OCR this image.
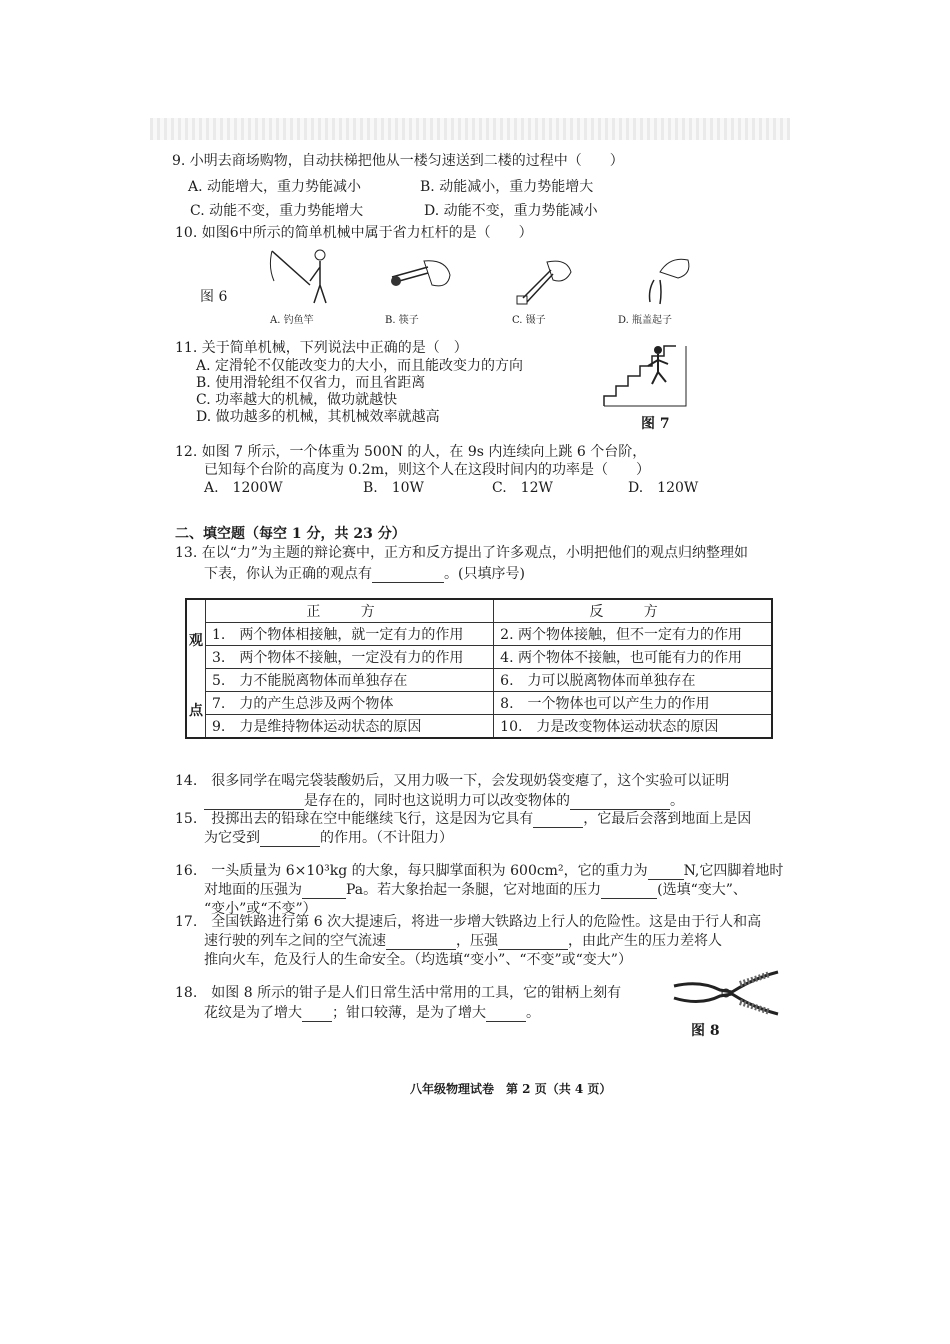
9. 小明去商场购物，自动扶梯把他从一楼匀速送到二楼的过程中（　　）
A. 动能增大，重力势能减小	B. 动能减小，重力势能增大
C. 动能不变，重力势能增大	D. 动能不变，重力势能减小
10. 如图6中所示的简单机械中属于省力杠杆的是（　　）
图 6
A. 钓鱼竿	B. 筷子	C. 镊子	D. 瓶盖起子
11. 关于简单机械，下列说法中正确的是（　）
A. 定滑轮不仅能改变力的大小，而且能改变力的方向
B. 使用滑轮组不仅省力，而且省距离
C. 功率越大的机械，做功就越快
D. 做功越多的机械，其机械效率就越高	图 7
12. 如图 7 所示，一个体重为 500N 的人，在 9s 内连续向上跳 6 个台阶，
已知每个台阶的高度为 0.2m，则这个人在这段时间内的功率是（　　）
A.　1200W	B.　10W	C.　12W	D.　120W
二、填空题（每空 1 分，共 23 分）
13. 在以“力”为主题的辩论赛中，正方和反方提出了许多观点，小明把他们的观点归纳整理如
下表，你认为正确的观点有	。(只填序号)
观
点	正 方	反 方
	1.　两个物体相接触，就一定有力的作用	2. 两个物体接触，但不一定有力的作用
	3.　两个物体不接触，一定没有力的作用	4. 两个物体不接触，也可能有力的作用
	5.　力不能脱离物体而单独存在	6.　力可以脱离物体而单独存在
	7.　力的产生总涉及两个物体	8.　一个物体也可以产生力的作用
	9.　力是维持物体运动状态的原因	10.　力是改变物体运动状态的原因
14.　很多同学在喝完袋装酸奶后，又用力吸一下，会发现奶袋变瘪了，这个实验可以证明
是存在的，同时也这说明力可以改变物体的	。
15.　投掷出去的铅球在空中能继续飞行，这是因为它具有	，它最后会落到地面上是因
为它受到	的作用。（不计阻力）
16.　一头质量为 6×10³kg 的大象，每只脚掌面积为 600cm²，它的重力为	N,它四脚着地时
对地面的压强为	Pa。若大象抬起一条腿，它对地面的压力	(选填“变大”、
“变小”或“不变”）
17.　全国铁路进行第 6 次大提速后，将进一步增大铁路边上行人的危险性。这是由于行人和高
速行驶的列车之间的空气流速	，压强	，由此产生的压力差将人
推向火车，危及行人的生命安全。（均选填“变小”、“不变”或“变大”）
18.　如图 8 所示的钳子是人们日常生活中常用的工具，它的钳柄上刻有
花纹是为了增大 ；钳口较薄，是为了增大	。
图 8
八年级物理试卷　第 2 页（共 4 页）
